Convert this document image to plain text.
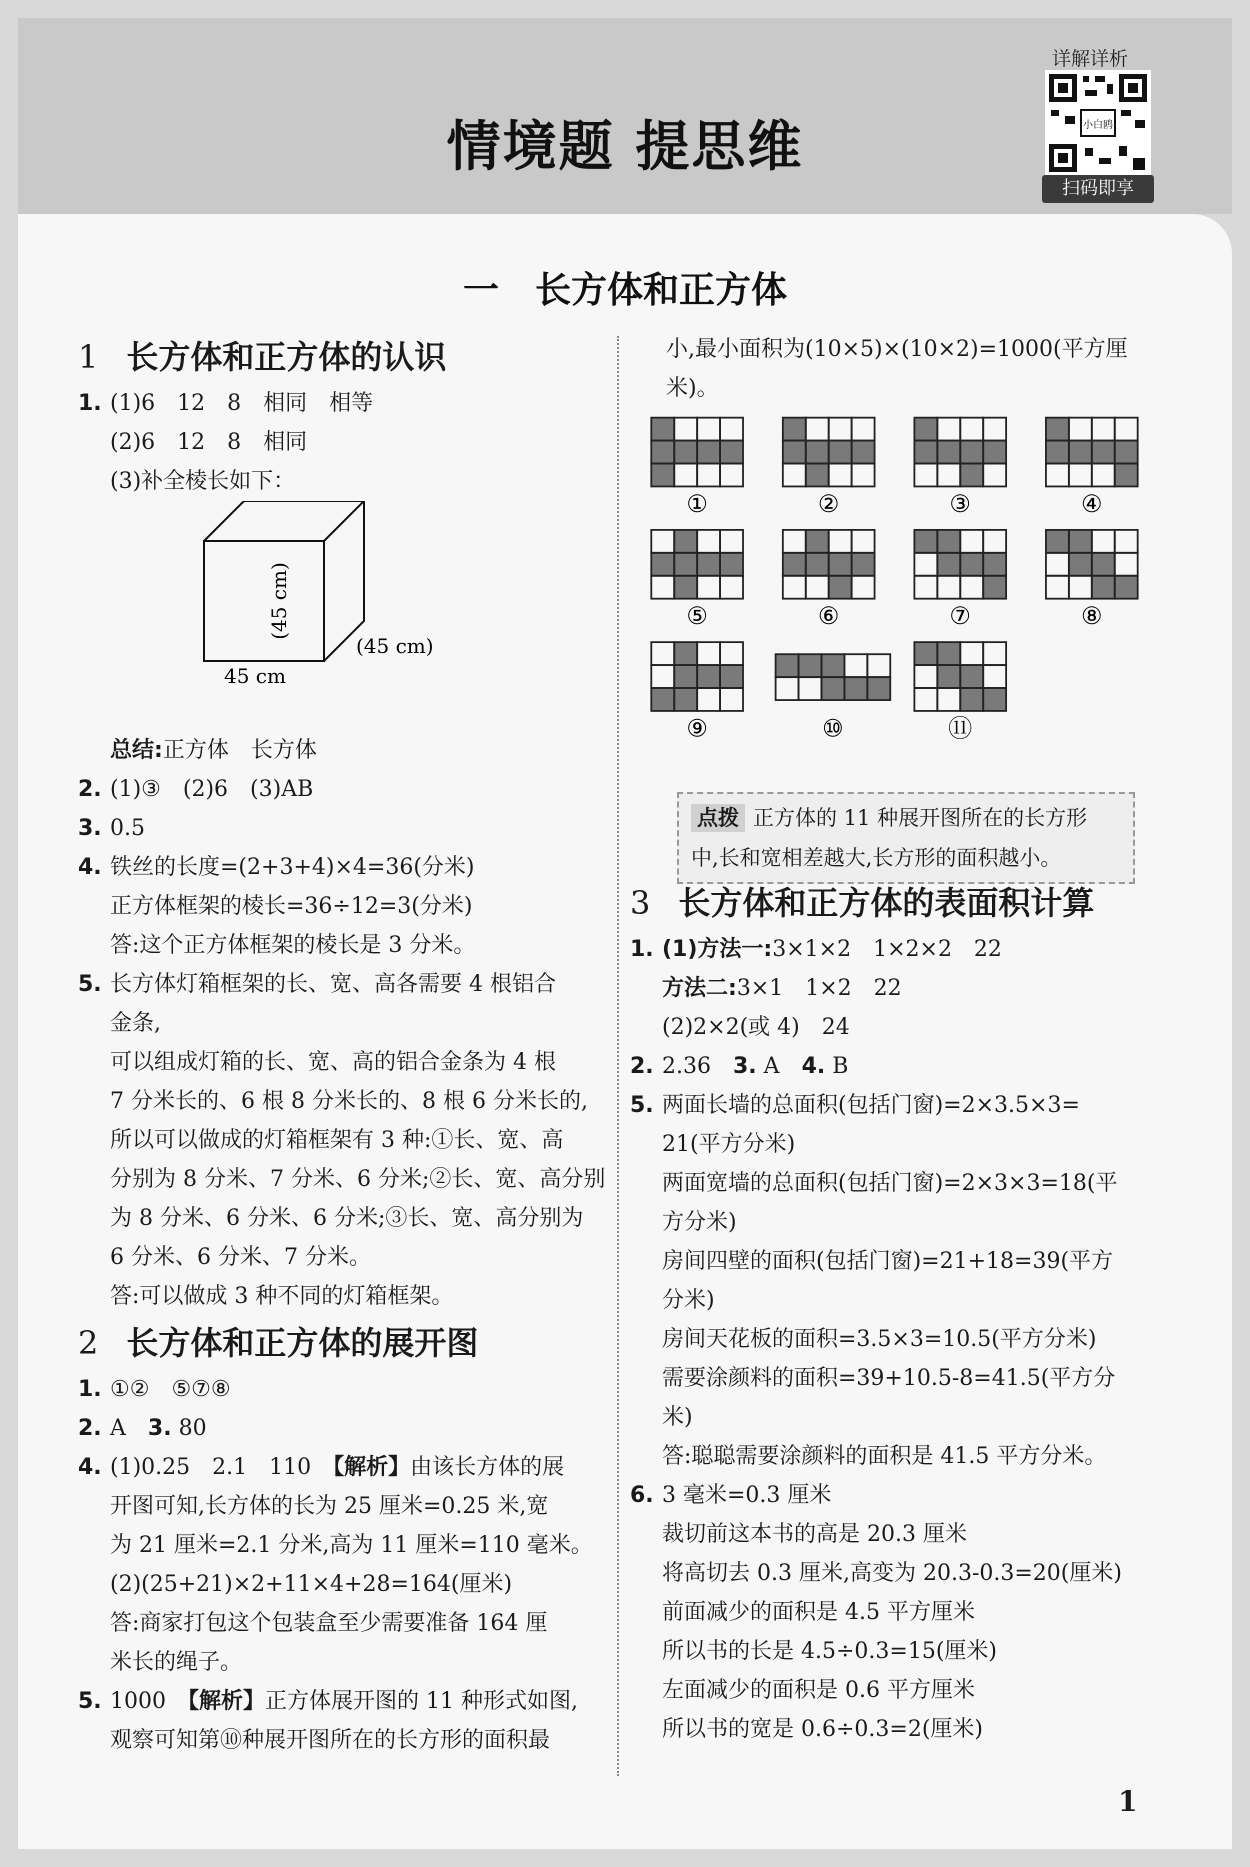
情境题 提思维
详解详析
小白鸥
扫码即享
一　长方体和正方体
1 长方体和正方体的认识
1. (1)6　12　8　相同　相等
(2)6　12　8　相同
(3)补全棱长如下：
(45 cm)
(45 cm)
45 cm
总结:正方体　长方体
2. (1)③　(2)6　(3)AB
3. 0.5
4. 铁丝的长度=(2+3+4)×4=36(分米)
正方体框架的棱长=36÷12=3(分米)
答:这个正方体框架的棱长是 3 分米。
5. 长方体灯箱框架的长、宽、高各需要 4 根铝合
金条,
可以组成灯箱的长、宽、高的铝合金条为 4 根
7 分米长的、6 根 8 分米长的、8 根 6 分米长的,
所以可以做成的灯箱框架有 3 种:①长、宽、高
分别为 8 分米、7 分米、6 分米;②长、宽、高分别
为 8 分米、6 分米、6 分米;③长、宽、高分别为
6 分米、6 分米、7 分米。
答:可以做成 3 种不同的灯箱框架。
2 长方体和正方体的展开图
1. ①②　⑤⑦⑧
2. A　 3. 80
4. (1)0.25　2.1　110　【解析】由该长方体的展
开图可知,长方体的长为 25 厘米=0.25 米,宽
为 21 厘米=2.1 分米,高为 11 厘米=110 毫米。
(2)(25+21)×2+11×4+28=164(厘米)
答:商家打包这个包装盒至少需要准备 164 厘
米长的绳子。
5. 1000　【解析】正方体展开图的 11 种形式如图,
观察可知第⑩种展开图所在的长方形的面积最
小,最小面积为(10×5)×(10×2)=1000(平方厘
米)。
①	②	③	④
⑤	⑥	⑦	⑧
⑨	⑩	⑪
3 长方体和正方体的表面积计算
1. (1)方法一:3×1×2　1×2×2　22
方法二:3×1　1×2　22
(2)2×2(或 4)　24
2. 2.36　 3. A　 4. B
5. 两面长墙的总面积(包括门窗)=2×3.5×3=
21(平方分米)
两面宽墙的总面积(包括门窗)=2×3×3=18(平
方分米)
房间四壁的面积(包括门窗)=21+18=39(平方
分米)
房间天花板的面积=3.5×3=10.5(平方分米)
需要涂颜料的面积=39+10.5-8=41.5(平方分
米)
答:聪聪需要涂颜料的面积是 41.5 平方分米。
6. 3 毫米=0.3 厘米
裁切前这本书的高是 20.3 厘米
将高切去 0.3 厘米,高变为 20.3-0.3=20(厘米)
前面减少的面积是 4.5 平方厘米
所以书的长是 4.5÷0.3=15(厘米)
左面减少的面积是 0.6 平方厘米
所以书的宽是 0.6÷0.3=2(厘米)
点拨 正方体的 11 种展开图所在的长方形
中,长和宽相差越大,长方形的面积越小。
1
